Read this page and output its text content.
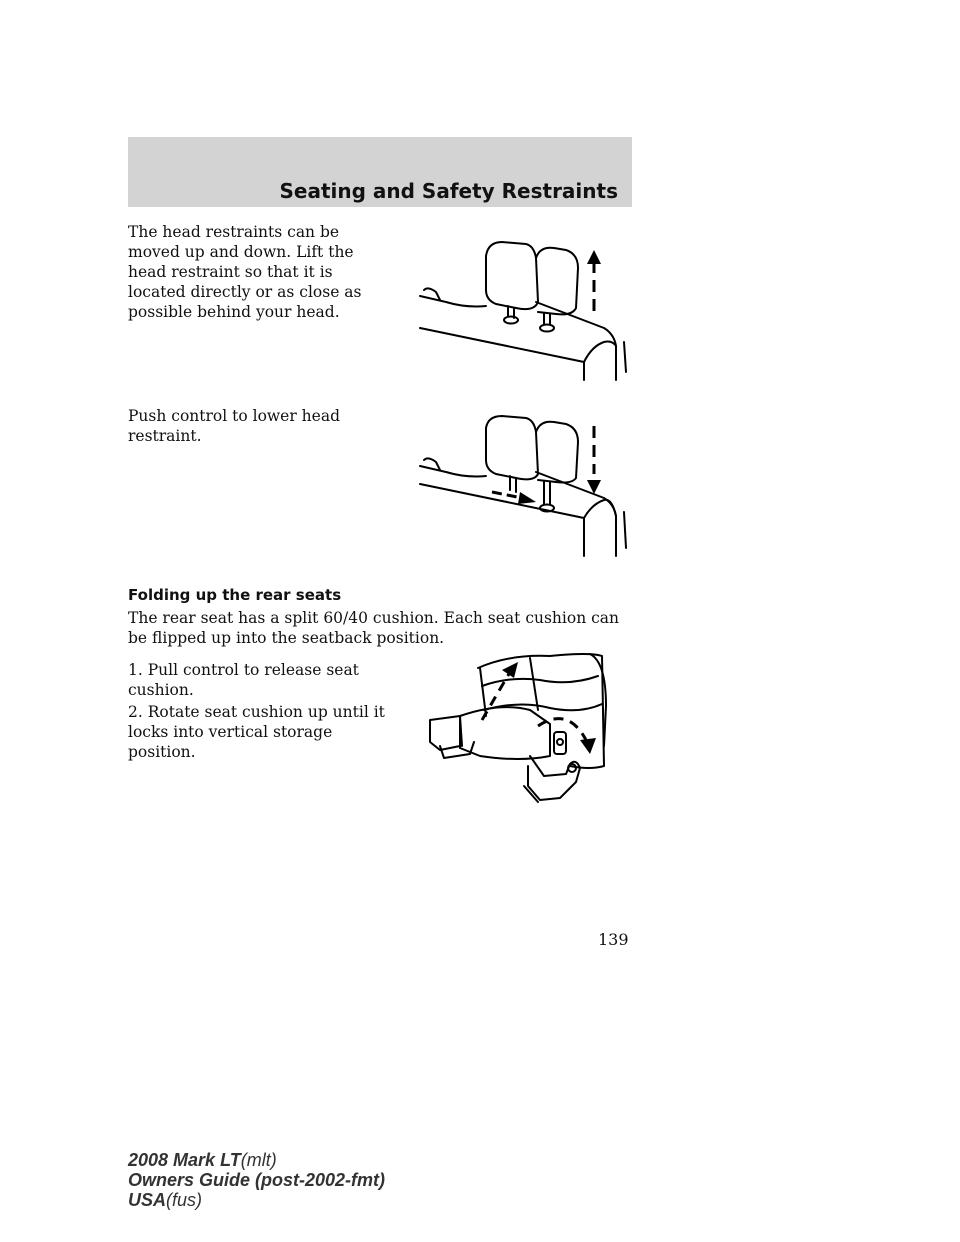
Seating and Safety Restraints

The head restraints can be moved up and down. Lift the head restraint so that it is located directly or as close as possible behind your head.

Push control to lower head restraint.

Folding up the rear seats

The rear seat has a split 60/40 cushion. Each seat cushion can be flipped up into the seatback position.

1. Pull control to release seat cushion.

2. Rotate seat cushion up until it locks into vertical storage position.

139
2008 Mark LT(mlt)
Owners Guide (post-2002-fmt)
USA(fus)
